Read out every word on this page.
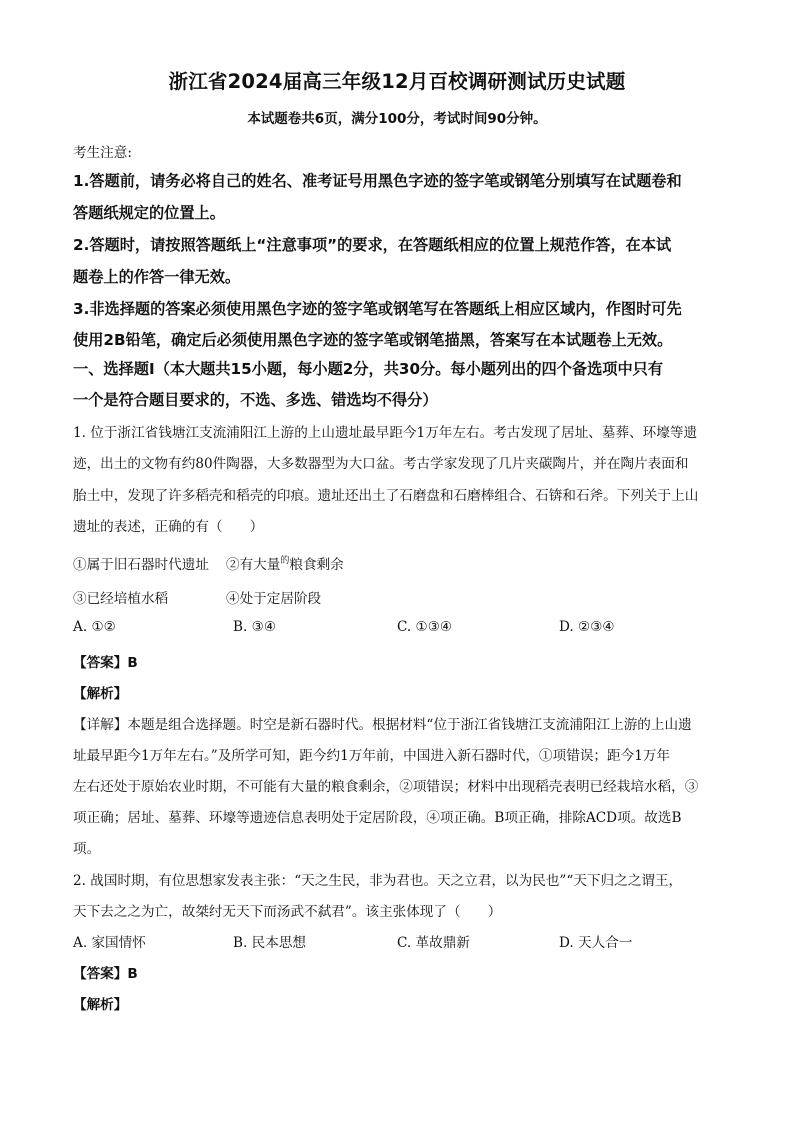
浙江省2024届高三年级12月百校调研测试历史试题
本试题卷共6页，满分100分，考试时间90分钟。
考生注意:
1.答题前，请务必将自己的姓名、准考证号用黑色字迹的签字笔或钢笔分别填写在试题卷和
答题纸规定的位置上。
2.答题时，请按照答题纸上“注意事项”的要求，在答题纸相应的位置上规范作答，在本试
题卷上的作答一律无效。
3.非选择题的答案必须使用黑色字迹的签字笔或钢笔写在答题纸上相应区域内，作图时可先
使用2B铅笔，确定后必须使用黑色字迹的签字笔或钢笔描黑，答案写在本试题卷上无效。
一、选择题Ⅰ（本大题共15小题，每小题2分，共30分。每小题列出的四个备选项中只有
一个是符合题目要求的，不选、多选、错选均不得分）
1. 位于浙江省钱塘江支流浦阳江上游的上山遗址最早距今1万年左右。考古发现了居址、墓葬、环壕等遗
迹，出土的文物有约80件陶器，大多数器型为大口盆。考古学家发现了几片夹碳陶片，并在陶片表面和
胎土中，发现了许多稻壳和稻壳的印痕。遗址还出土了石磨盘和石磨棒组合、石锛和石斧。下列关于上山
遗址的表述，正确的有（　　）
①属于旧石器时代遗址 ②有大量$^的$粮食剩余
③已经培植水稻	④处于定居阶段
A. ①②	B. ③④	C. ①③④	D. ②③④
【答案】B
【解析】
【详解】本题是组合选择题。时空是新石器时代。根据材料“位于浙江省钱塘江支流浦阳江上游的上山遗
址最早距今1万年左右。”及所学可知，距今约1万年前，中国进入新石器时代，①项错误；距今1万年
左右还处于原始农业时期，不可能有大量的粮食剩余，②项错误；材料中出现稻壳表明已经栽培水稻，③
项正确；居址、墓葬、环壕等遗迹信息表明处于定居阶段，④项正确。B项正确，排除ACD项。故选B
项。
2. 战国时期，有位思想家发表主张：“天之生民，非为君也。天之立君，以为民也”“天下归之之谓王，
天下去之之为亡，故桀纣无天下而汤武不弑君”。该主张体现了（　　）
A. 家国情怀	B. 民本思想	C. 革故鼎新	D. 天人合一
【答案】B
【解析】
